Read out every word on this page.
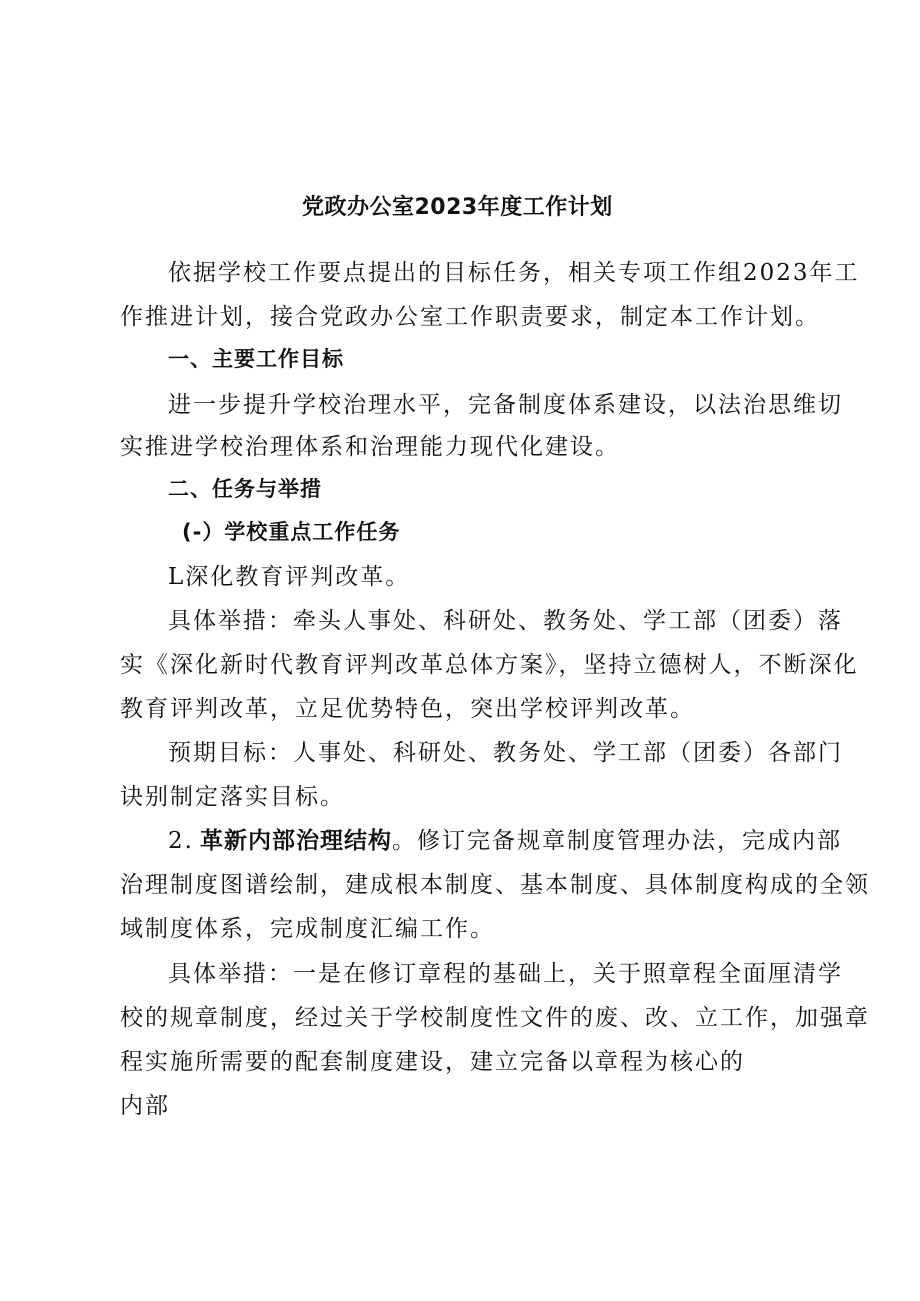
党政办公室2023年度工作计划
依据学校工作要点提出的目标任务，相关专项工作组2023年工
作推进计划，接合党政办公室工作职责要求，制定本工作计划。
一、主要工作目标
进一步提升学校治理水平，完备制度体系建设，以法治思维切
实推进学校治理体系和治理能力现代化建设。
二、任务与举措
(-）学校重点工作任务
L深化教育评判改革。
具体举措：牵头人事处、科研处、教务处、学工部（团委）落
实《深化新时代教育评判改革总体方案》，坚持立德树人，不断深化
教育评判改革，立足优势特色，突出学校评判改革。
预期目标：人事处、科研处、教务处、学工部（团委）各部门
诀别制定落实目标。
2. 革新内部治理结构。修订完备规章制度管理办法，完成内部
治理制度图谱绘制，建成根本制度、基本制度、具体制度构成的全领
域制度体系，完成制度汇编工作。
具体举措：一是在修订章程的基础上，关于照章程全面厘清学
校的规章制度，经过关于学校制度性文件的废、改、立工作，加强章
程实施所需要的配套制度建设，建立完备以章程为核心的
内部
